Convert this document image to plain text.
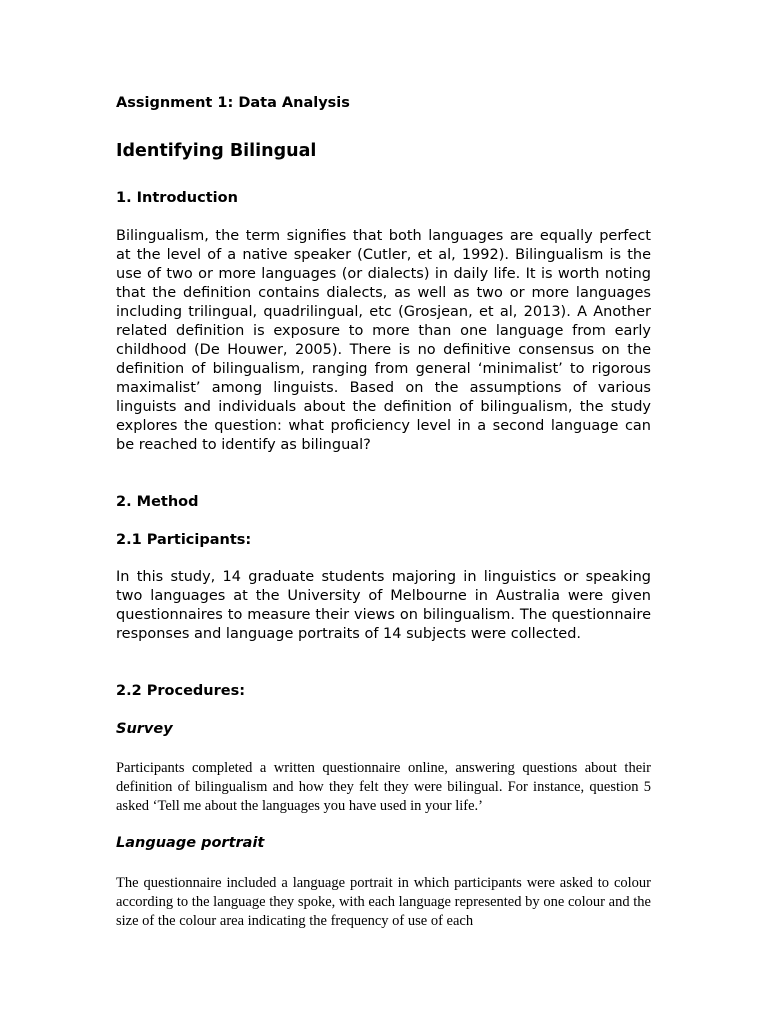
Assignment 1: Data Analysis
Identifying Bilingual
1. Introduction

Bilingualism, the term signifies that both languages are equally perfect at the level of a native speaker (Cutler, et al, 1992). Bilingualism is the use of two or more languages (or dialects) in daily life. It is worth noting that the definition contains dialects, as well as two or more languages including trilingual, quadrilingual, etc (Grosjean, et al, 2013). A Another related definition is exposure to more than one language from early childhood (De Houwer, 2005). There is no definitive consensus on the definition of bilingualism, ranging from general ‘minimalist’ to rigorous maximalist’ among linguists. Based on the assumptions of various linguists and individuals about the definition of bilingualism, the study explores the question: what proficiency level in a second language can be reached to identify as bilingual?

2. Method
2.1 Participants:

In this study, 14 graduate students majoring in linguistics or speaking two languages at the University of Melbourne in Australia were given questionnaires to measure their views on bilingualism. The questionnaire responses and language portraits of 14 subjects were collected.

2.2 Procedures:
Survey

Participants completed a written questionnaire online, answering questions about their definition of bilingualism and how they felt they were bilingual. For instance, question 5 asked ‘Tell me about the languages you have used in your life.’

Language portrait

The questionnaire included a language portrait in which participants were asked to colour according to the language they spoke, with each language represented by one colour and the size of the colour area indicating the frequency of use of each
